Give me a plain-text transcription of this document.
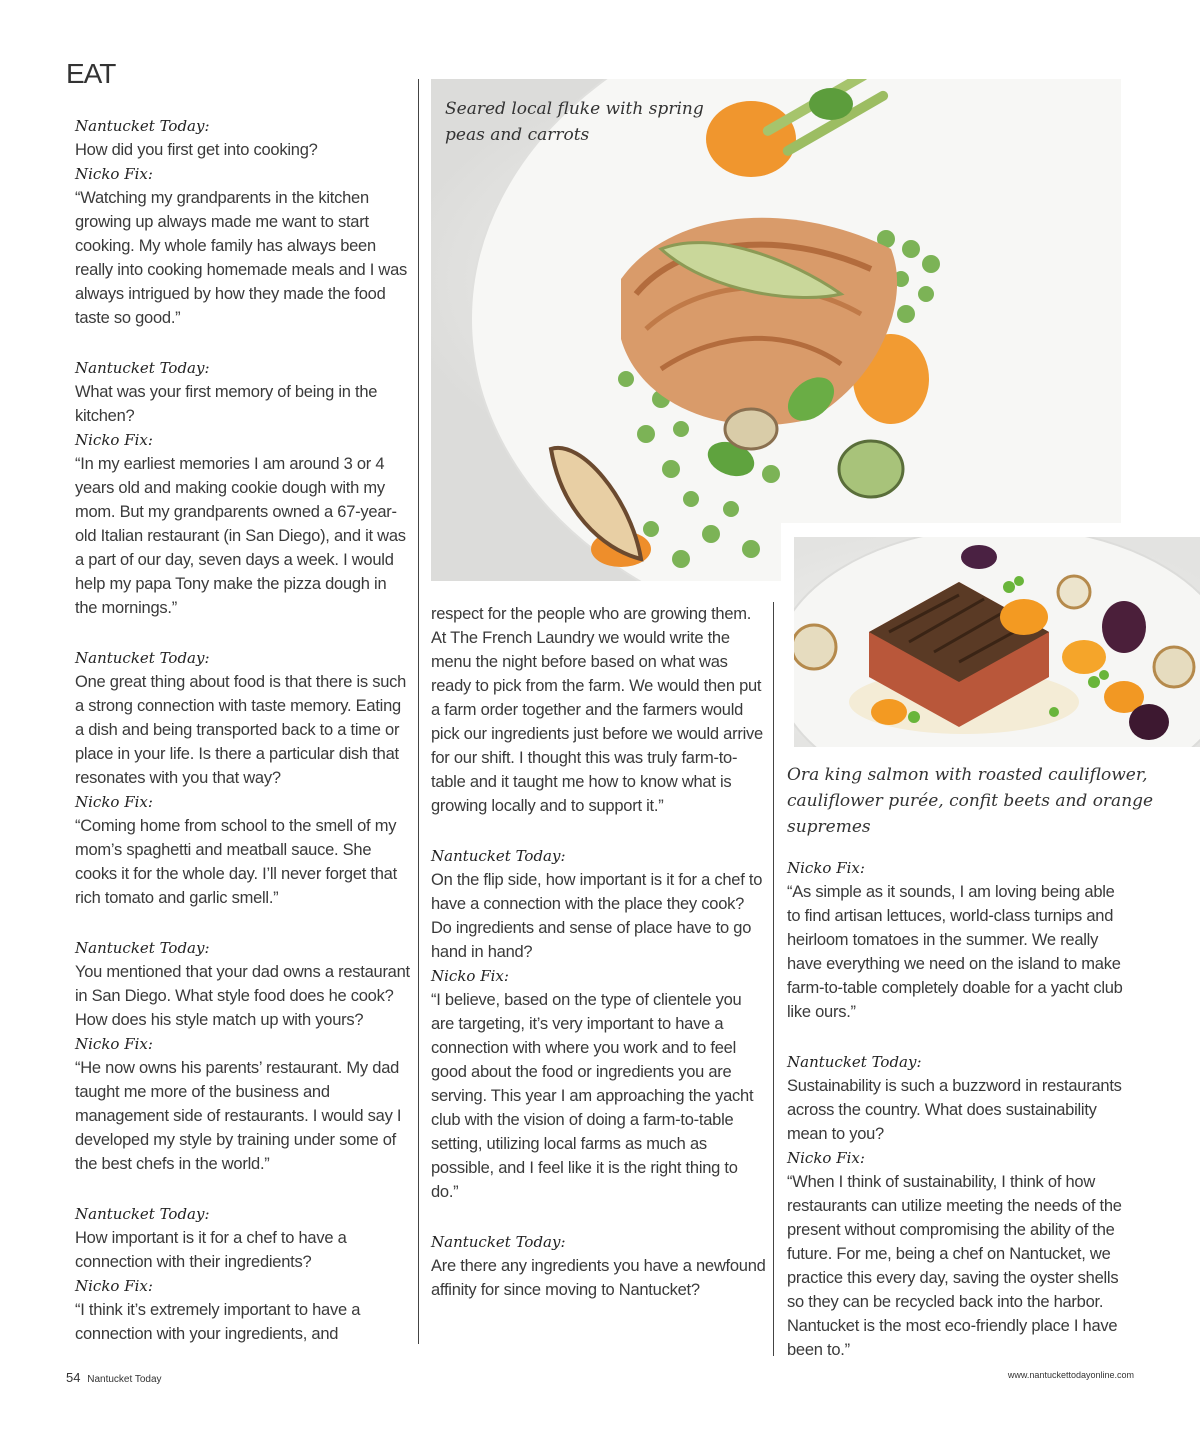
EAT

Nantucket Today:

How did you first get into cooking?

Nicko Fix:

“Watching my grandparents in the kitchen growing up always made me want to start cooking. My whole family has always been really into cooking homemade meals and I was always intrigued by how they made the food taste so good.”

Nantucket Today:

What was your first memory of being in the kitchen?

Nicko Fix:

“In my earliest memories I am around 3 or 4 years old and making cookie dough with my mom. But my grandparents owned a 67-year-old Italian restaurant (in San Diego), and it was a part of our day, seven days a week. I would help my papa Tony make the pizza dough in the mornings.”

Nantucket Today:

One great thing about food is that there is such a strong connection with taste memory. Eating a dish and being transported back to a time or place in your life. Is there a particular dish that resonates with you that way?

Nicko Fix:

“Coming home from school to the smell of my mom’s spaghetti and meatball sauce. She cooks it for the whole day. I’ll never forget that rich tomato and garlic smell.”

Nantucket Today:

You mentioned that your dad owns a restaurant in San Diego. What style food does he cook? How does his style match up with yours?

Nicko Fix:

“He now owns his parents’ restaurant. My dad taught me more of the business and management side of restaurants. I would say I developed my style by training under some of the best chefs in the world.”

Nantucket Today:

How important is it for a chef to have a connection with their ingredients?

Nicko Fix:

“I think it’s extremely important to have a connection with your ingredients, and

Seared local fluke with spring peas and carrots
Ora king salmon with roasted cauliflower, cauliflower purée, confit beets and orange supremes

respect for the people who are growing them. At The French Laundry we would write the menu the night before based on what was ready to pick from the farm. We would then put a farm order together and the farmers would pick our ingredients just before we would arrive for our shift. I thought this was truly farm-to-table and it taught me how to know what is growing locally and to support it.”

Nantucket Today:

On the flip side, how important is it for a chef to have a connection with the place they cook? Do ingredients and sense of place have to go hand in hand?

Nicko Fix:

“I believe, based on the type of clientele you are targeting, it’s very important to have a connection with where you work and to feel good about the food or ingredients you are serving. This year I am approaching the yacht club with the vision of doing a farm-to-table setting, utilizing local farms as much as possible, and I feel like it is the right thing to do.”

Nantucket Today:

Are there any ingredients you have a newfound affinity for since moving to Nantucket?

Nicko Fix:

“As simple as it sounds, I am loving being able to find artisan lettuces, world-class turnips and heirloom tomatoes in the summer. We really have everything we need on the island to make farm-to-table completely doable for a yacht club like ours.”

Nantucket Today:

Sustainability is such a buzzword in restaurants across the country. What does sustainability mean to you?

Nicko Fix:

“When I think of sustainability, I think of how restaurants can utilize meeting the needs of the present without compromising the ability of the future. For me, being a chef on Nantucket, we practice this every day, saving the oyster shells so they can be recycled back into the harbor. Nantucket is the most eco-friendly place I have been to.”

54 Nantucket Today	www.nantuckettodayonline.com
